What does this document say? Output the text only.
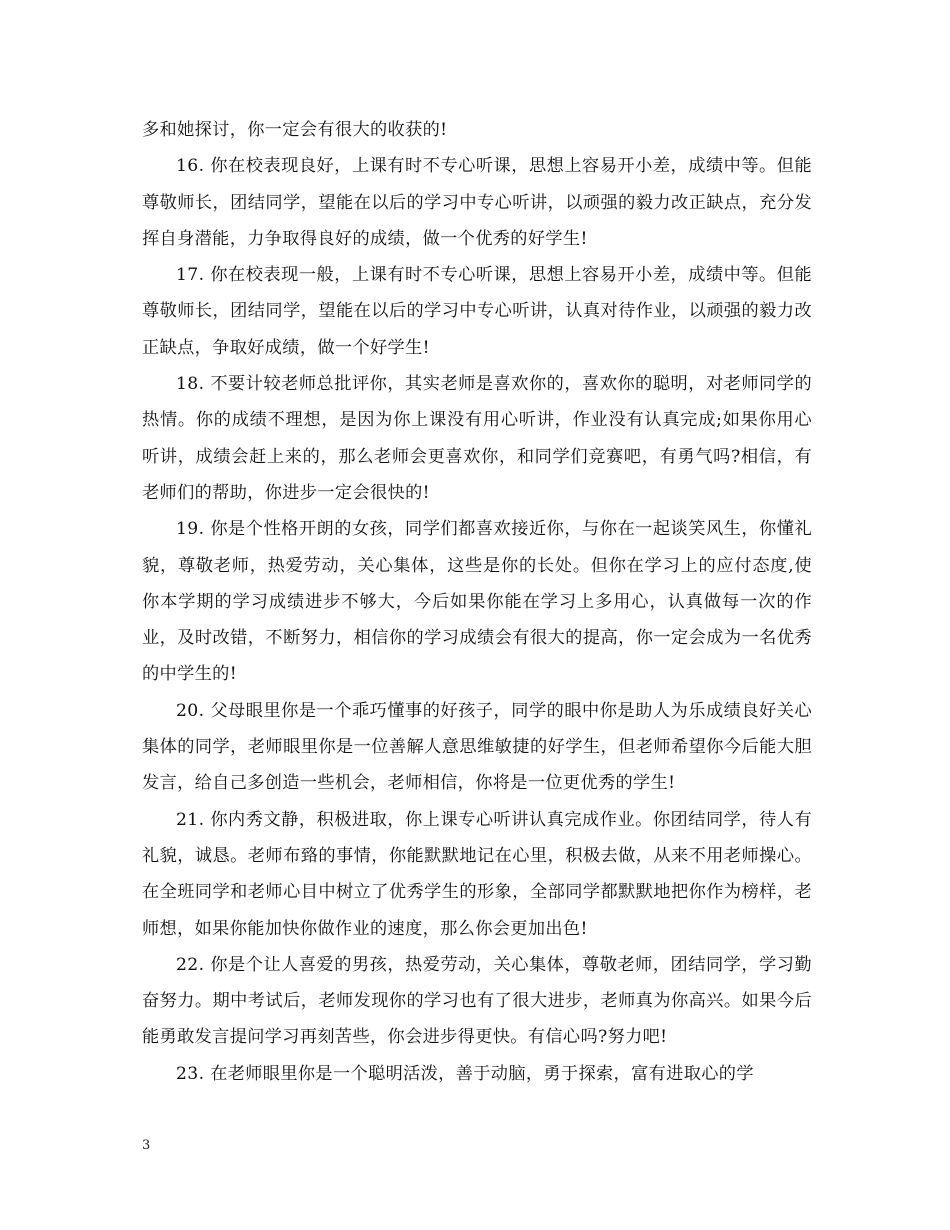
多和她探讨，你一定会有很大的收获的!

16. 你在校表现良好，上课有时不专心听课，思想上容易开小差，成绩中等。但能尊敬师长，团结同学，望能在以后的学习中专心听讲，以顽强的毅力改正缺点，充分发挥自身潜能，力争取得良好的成绩，做一个优秀的好学生!

17. 你在校表现一般，上课有时不专心听课，思想上容易开小差，成绩中等。但能尊敬师长，团结同学，望能在以后的学习中专心听讲，认真对待作业，以顽强的毅力改正缺点，争取好成绩，做一个好学生!

18. 不要计较老师总批评你，其实老师是喜欢你的，喜欢你的聪明，对老师同学的热情。你的成绩不理想，是因为你上课没有用心听讲，作业没有认真完成;如果你用心听讲，成绩会赶上来的，那么老师会更喜欢你，和同学们竞赛吧，有勇气吗?相信，有老师们的帮助，你进步一定会很快的!

19. 你是个性格开朗的女孩，同学们都喜欢接近你，与你在一起谈笑风生，你懂礼貌，尊敬老师，热爱劳动，关心集体，这些是你的长处。但你在学习上的应付态度,使你本学期的学习成绩进步不够大，今后如果你能在学习上多用心，认真做每一次的作业，及时改错，不断努力，相信你的学习成绩会有很大的提高，你一定会成为一名优秀的中学生的!

20. 父母眼里你是一个乖巧懂事的好孩子，同学的眼中你是助人为乐成绩良好关心集体的同学，老师眼里你是一位善解人意思维敏捷的好学生，但老师希望你今后能大胆发言，给自己多创造一些机会，老师相信，你将是一位更优秀的学生!

21. 你内秀文静，积极进取，你上课专心听讲认真完成作业。你团结同学，待人有礼貌，诚恳。老师布臵的事情，你能默默地记在心里，积极去做，从来不用老师操心。在全班同学和老师心目中树立了优秀学生的形象，全部同学都默默地把你作为榜样，老师想，如果你能加快你做作业的速度，那么你会更加出色!

22. 你是个让人喜爱的男孩，热爱劳动，关心集体，尊敬老师，团结同学，学习勤奋努力。期中考试后，老师发现你的学习也有了很大进步，老师真为你高兴。如果今后能勇敢发言提问学习再刻苦些，你会进步得更快。有信心吗?努力吧!

23. 在老师眼里你是一个聪明活泼，善于动脑，勇于探索，富有进取心的学

3
